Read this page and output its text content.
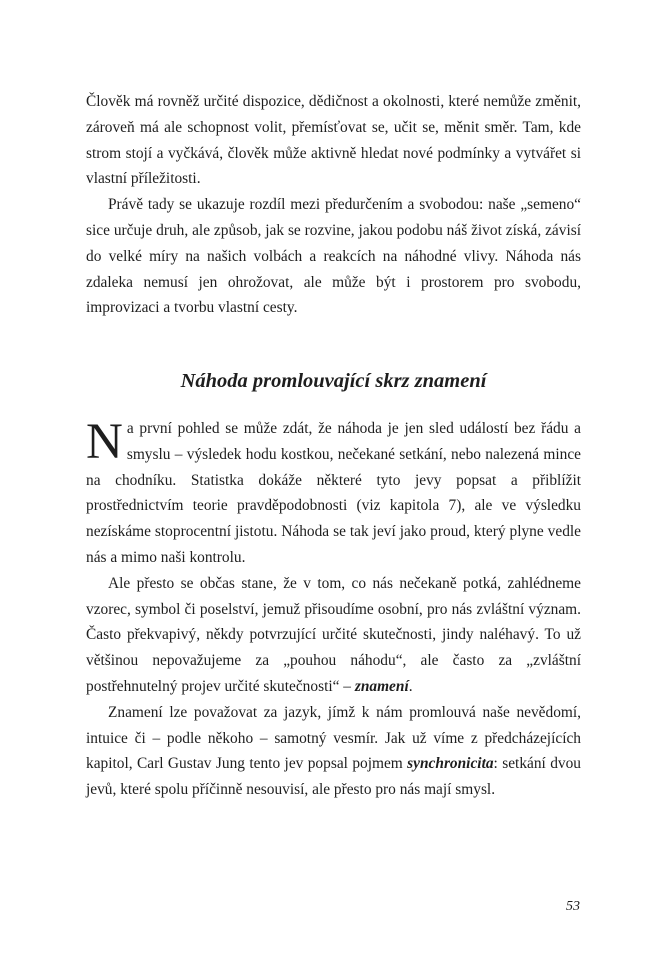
Člověk má rovněž určité dispozice, dědičnost a okolnosti, které nemůže změnit, zároveň má ale schopnost volit, přemísťovat se, učit se, měnit směr. Tam, kde strom stojí a vyčkává, člověk může aktivně hledat nové podmínky a vytvářet si vlastní příležitosti.

Právě tady se ukazuje rozdíl mezi předurčením a svobodou: naše „semeno“ sice určuje druh, ale způsob, jak se rozvine, jakou podobu náš život získá, závisí do velké míry na našich volbách a reakcích na náhodné vlivy. Náhoda nás zdaleka nemusí jen ohrožovat, ale může být i prostorem pro svobodu, improvizaci a tvorbu vlastní cesty.

Náhoda promlouvající skrz znamení

Na první pohled se může zdát, že náhoda je jen sled událostí bez řádu a smyslu – výsledek hodu kostkou, nečekané setkání, nebo nalezená mince na chodníku. Statistka dokáže některé tyto jevy popsat a přiblížit prostřednictvím teorie pravděpodobnosti (viz kapitola 7), ale ve výsledku nezískáme stoprocentní jistotu. Náhoda se tak jeví jako proud, který plyne vedle nás a mimo naši kontrolu.

Ale přesto se občas stane, že v tom, co nás nečekaně potká, zahlédneme vzorec, symbol či poselství, jemuž přisoudíme osobní, pro nás zvláštní význam. Často překvapivý, někdy potvrzující určité skutečnosti, jindy naléhavý. To už většinou nepovažujeme za „pouhou náhodu“, ale často za „zvláštní postřehnutelný projev určité skutečnosti“ – znamení.

Znamení lze považovat za jazyk, jímž k nám promlouvá naše nevědomí, intuice či – podle někoho – samotný vesmír. Jak už víme z předcházejících kapitol, Carl Gustav Jung tento jev popsal pojmem synchronicita: setkání dvou jevů, které spolu příčinně nesouvisí, ale přesto pro nás mají smysl.

53
